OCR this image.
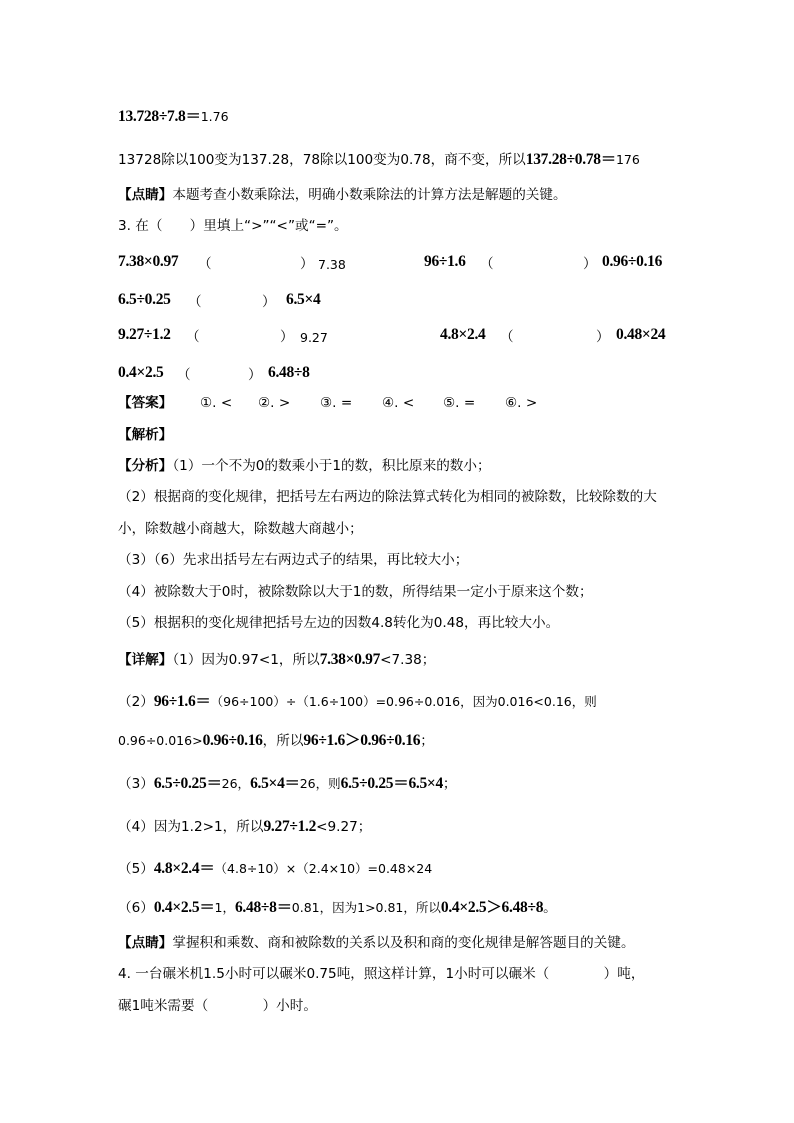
13.728÷7.8＝1.76
13728除以100变为137.28，78除以100变为0.78，商不变，所以137.28÷0.78＝176
【点睛】本题考查小数乘除法，明确小数乘除法的计算方法是解题的关键。
3. 在（　　）里填上“>”“<”或“=”。
7.38×0.97 （	） 7.38	96÷1.6 （	） 0.96÷0.16
6.5÷0.25 （	） 6.5×4
9.27÷1.2 （	） 9.27	4.8×2.4 （	） 0.48×24
0.4×2.5 （	） 6.48÷8
【答案】 ①. < ②. > ③. = ④. < ⑤. = ⑥. >
【解析】
【分析】（1）一个不为0的数乘小于1的数，积比原来的数小；
（2）根据商的变化规律，把括号左右两边的除法算式转化为相同的被除数，比较除数的大
小，除数越小商越大，除数越大商越小；
（3）（6）先求出括号左右两边式子的结果，再比较大小；
（4）被除数大于0时，被除数除以大于1的数，所得结果一定小于原来这个数；
（5）根据积的变化规律把括号左边的因数4.8转化为0.48，再比较大小。
【详解】（1）因为0.97<1，所以7.38×0.97<7.38；
（2）96÷1.6＝（96÷100）÷（1.6÷100）=0.96÷0.016，因为0.016<0.16，则
0.96÷0.016>0.96÷0.16，所以96÷1.6＞0.96÷0.16；
（3）6.5÷0.25＝26，6.5×4＝26，则6.5÷0.25＝6.5×4；
（4）因为1.2>1，所以9.27÷1.2<9.27；
（5）4.8×2.4＝（4.8÷10）×（2.4×10）=0.48×24
（6）0.4×2.5＝1，6.48÷8＝0.81，因为1>0.81，所以0.4×2.5＞6.48÷8。
【点睛】掌握积和乘数、商和被除数的关系以及积和商的变化规律是解答题目的关键。
4. 一台碾米机1.5小时可以碾米0.75吨，照这样计算，1小时可以碾米（　　　　）吨，
碾1吨米需要（　　　　）小时。
